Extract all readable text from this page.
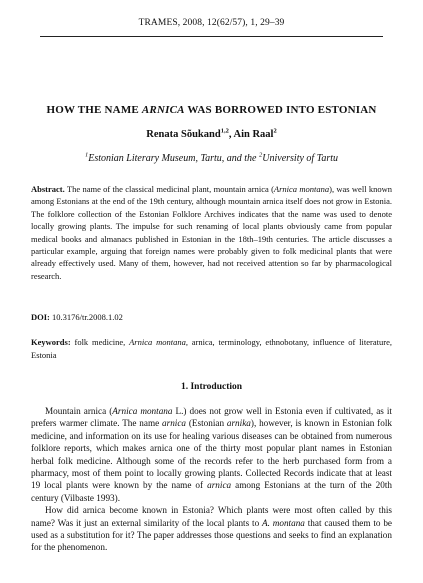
TRAMES, 2008, 12(62/57), 1, 29–39
HOW THE NAME ARNICA WAS BORROWED INTO ESTONIAN
Renata Sõukand$^{1,2}$, Ain Raal$^2$
$^1$Estonian Literary Museum, Tartu, and the $^2$University of Tartu
Abstract. The name of the classical medicinal plant, mountain arnica (Arnica montana), was well known among Estonians at the end of the 19th century, although mountain arnica itself does not grow in Estonia. The folklore collection of the Estonian Folklore Archives indicates that the name was used to denote locally growing plants. The impulse for such renaming of local plants obviously came from popular medical books and almanacs published in Estonian in the 18th–19th centuries. The article discusses a particular example, arguing that foreign names were probably given to folk medicinal plants that were already effectively used. Many of them, however, had not received attention so far by pharmacological research.
DOI: 10.3176/tr.2008.1.02
Keywords: folk medicine, Arnica montana, arnica, terminology, ethnobotany, influence of literature, Estonia
1. Introduction

Mountain arnica (Arnica montana L.) does not grow well in Estonia even if cultivated, as it prefers warmer climate. The name arnica (Estonian arnika), however, is known in Estonian folk medicine, and information on its use for healing various diseases can be obtained from numerous folklore reports, which makes arnica one of the thirty most popular plant names in Estonian herbal folk medicine. Although some of the records refer to the herb purchased form from a pharmacy, most of them point to locally growing plants. Collected Records indicate that at least 19 local plants were known by the name of arnica among Estonians at the turn of the 20th century (Vilbaste 1993).

How did arnica become known in Estonia? Which plants were most often called by this name? Was it just an external similarity of the local plants to A. montana that caused them to be used as a substitution for it? The paper addresses those questions and seeks to find an explanation for the phenomenon.
